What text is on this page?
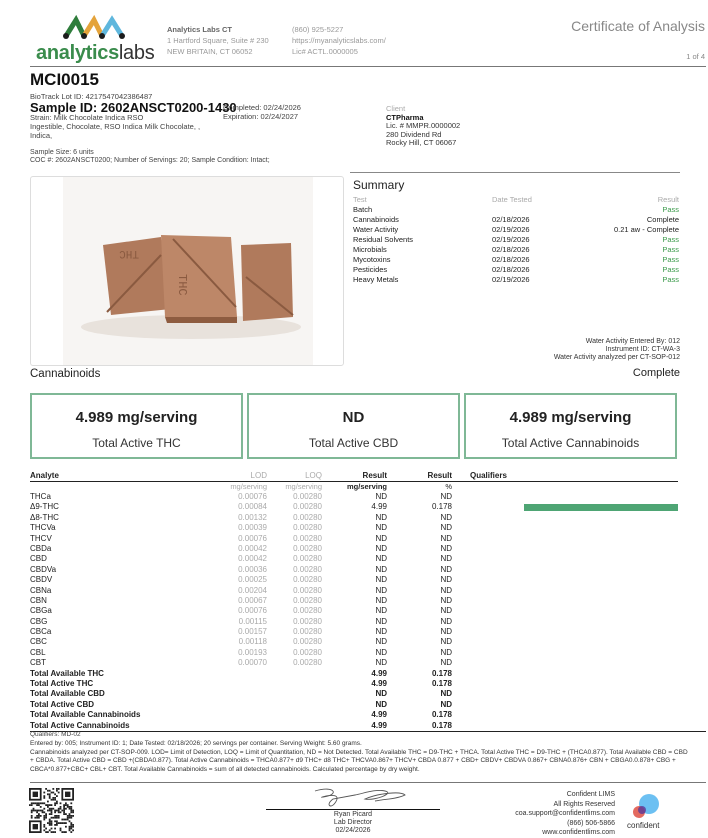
analyticslabs
Analytics Labs CT
1 Hartford Square, Suite # 230
NEW BRITAIN, CT 06052
(860) 925-5227
https://myanalyticslabs.com/
Lic# ACTL.0000005
Certificate of Analysis
1 of 4
MCI0015
BioTrack Lot ID: 4217547042386487
Sample ID: 2602ANSCT0200-1430
Strain: Milk Chocolate Indica RSO
Ingestible, Chocolate, RSO Indica Milk Chocolate, ,
Indica,
Completed: 02/24/2026
Expiration: 02/24/2027
Sample Size: 6 units
COC #: 2602ANSCT0200; Number of Servings: 20; Sample Condition: Intact;
Client
CTPharma
Lic. # MMPR.0000002
280 Dividend Rd
Rocky Hill, CT 06067
THC
THC
Summary
Test	Date Tested	Result
Batch	Pass
Cannabinoids	02/18/2026	Complete
Water Activity	02/19/2026	0.21 aw - Complete
Residual Solvents	02/19/2026	Pass
Microbials	02/18/2026	Pass
Mycotoxins	02/18/2026	Pass
Pesticides	02/18/2026	Pass
Heavy Metals	02/19/2026	Pass
Water Activity Entered By: 012
Instrument ID: CT-WA-3
Water Activity analyzed per CT-SOP-012
Cannabinoids	Complete
4.989 mg/serving
Total Active THC
ND
Total Active CBD
4.989 mg/serving
Total Active Cannabinoids
Analyte	LOD	LOQ	Result	Result Qualifiers
mg/serving mg/serving	mg/serving	%
THCa	0.00076	0.00280	ND	ND
Δ9-THC	0.00084	0.00280	4.99	0.178
Δ8-THC	0.00132	0.00280	ND	ND
THCVa	0.00039	0.00280	ND	ND
THCV	0.00076	0.00280	ND	ND
CBDa	0.00042	0.00280	ND	ND
CBD	0.00042	0.00280	ND	ND
CBDVa	0.00036	0.00280	ND	ND
CBDV	0.00025	0.00280	ND	ND
CBNa	0.00204	0.00280	ND	ND
CBN	0.00067	0.00280	ND	ND
CBGa	0.00076	0.00280	ND	ND
CBG	0.00115	0.00280	ND	ND
CBCa	0.00157	0.00280	ND	ND
CBC	0.00118	0.00280	ND	ND
CBL	0.00193	0.00280	ND	ND
CBT	0.00070	0.00280	ND	ND
Total Available THC	4.99	0.178
Total Active THC	4.99	0.178
Total Available CBD	ND	ND
Total Active CBD	ND	ND
Total Available Cannabinoids	4.99	0.178
Total Active Cannabinoids	4.99	0.178
Qualifiers: MD-02
Entered by: 005; Instrument ID: 1; Date Tested: 02/18/2026; 20 servings per container. Serving Weight: 5.60 grams.
Cannabinoids analyzed per CT-SOP-009. LOD= Limit of Detection, LOQ = Limit of Quantitation, ND = Not Detected. Total Available THC = D9-THC + THCA. Total Active THC = D9-THC + (THCA0.877). Total Available CBD = CBD + CBDA. Total Active CBD = CBD +(CBDA0.877). Total Active Cannabinoids = THCA0.877+ d9 THC+ d8 THC+ THCVA0.867+ THCV+ CBDA 0.877 + CBD+ CBDV+ CBDVA 0.867+ CBNA0.876+ CBN + CBGA0.0.878+ CBG + CBCA*0.877+CBC+ CBL+ CBT. Total Available Cannabinoids = sum of all detected cannabinoids. Calculated percentage by dry weight.
Ryan Picard
Lab Director
02/24/2026
Confident LIMS
All Rights Reserved
coa.support@confidentlims.com
(866) 506-5866
www.confidentlims.com
confident
